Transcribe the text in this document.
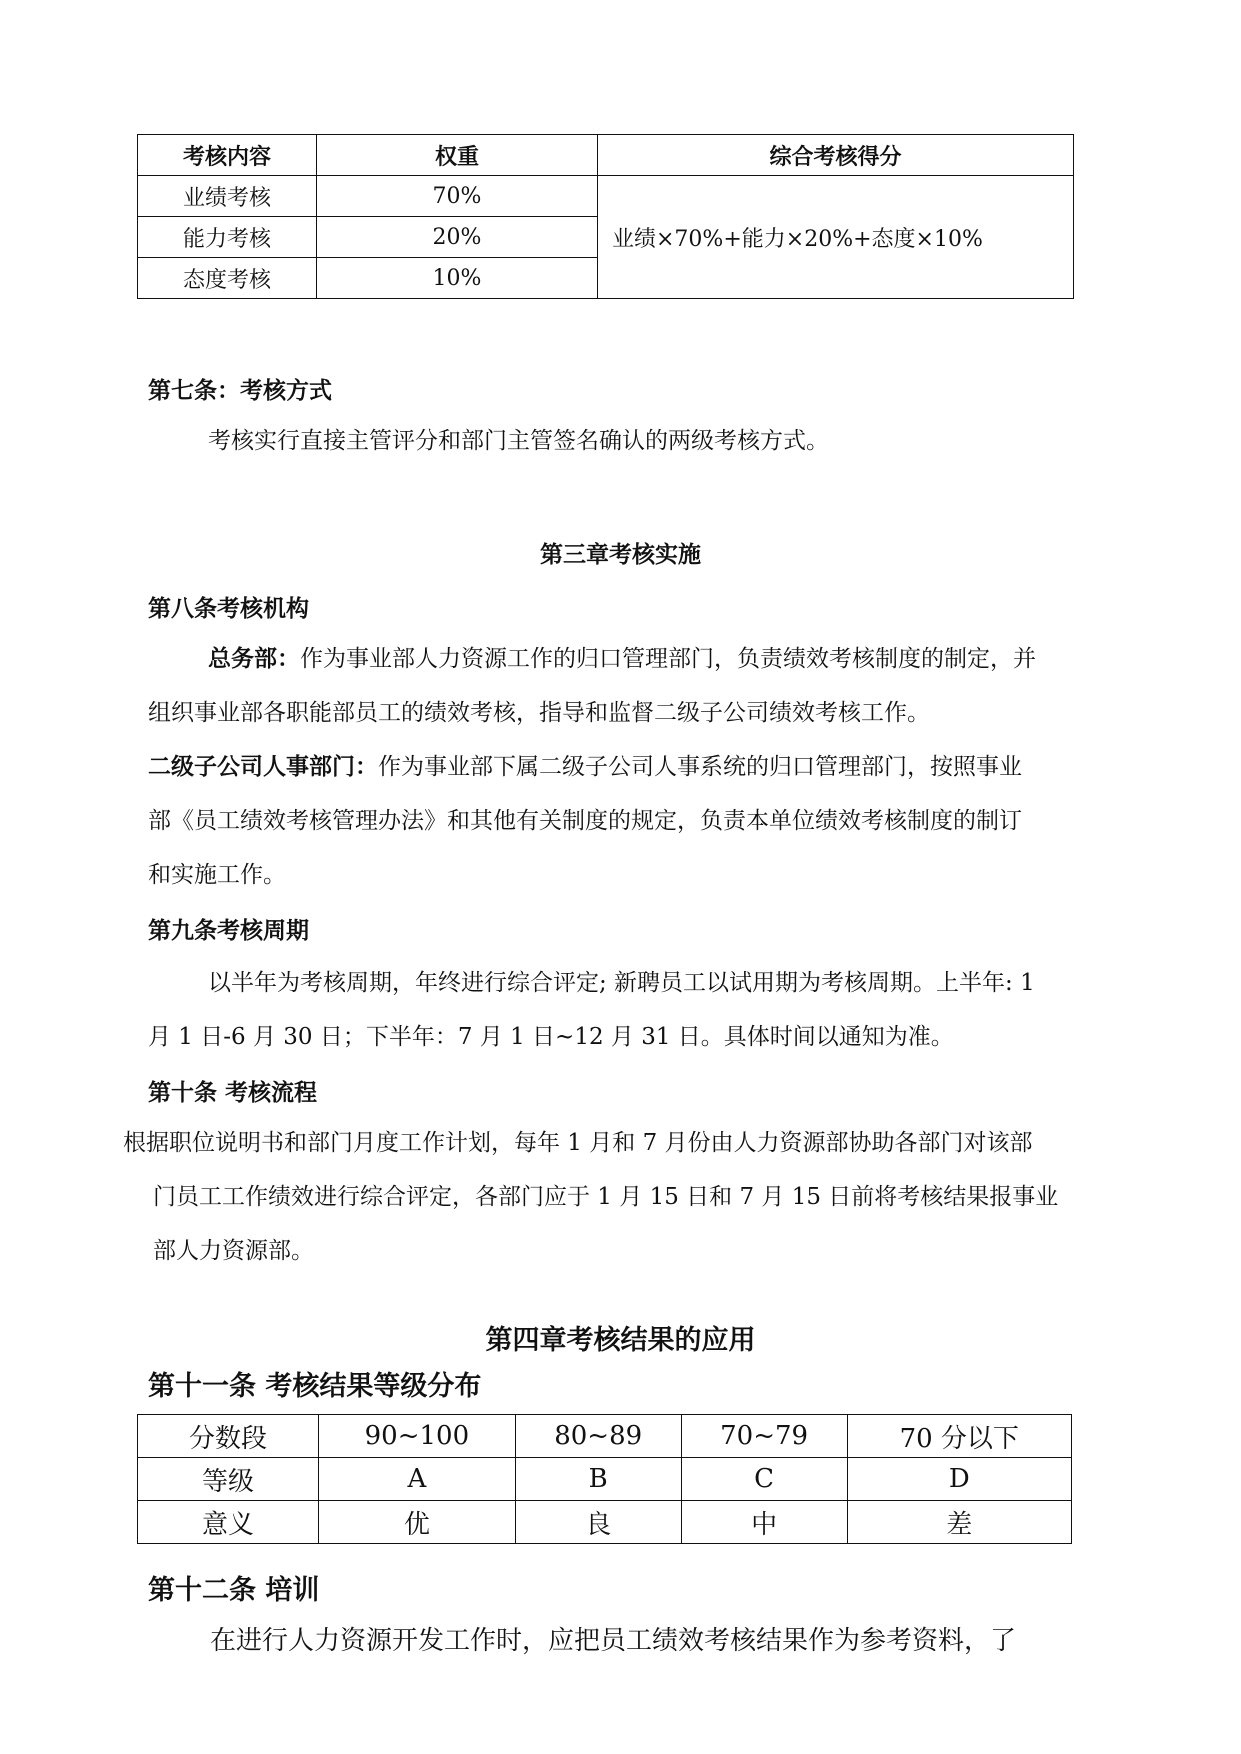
考核内容	权重	综合考核得分
业绩考核	70%	业绩×70%+能力×20%+态度×10%
能力考核	20%	
态度考核	10%	
第七条：考核方式
考核实行直接主管评分和部门主管签名确认的两级考核方式。
第三章考核实施
第八条考核机构
总务部：作为事业部人力资源工作的归口管理部门，负责绩效考核制度的制定，并
组织事业部各职能部员工的绩效考核，指导和监督二级子公司绩效考核工作。
二级子公司人事部门：作为事业部下属二级子公司人事系统的归口管理部门，按照事业
部《员工绩效考核管理办法》和其他有关制度的规定，负责本单位绩效考核制度的制订
和实施工作。
第九条考核周期
以半年为考核周期，年终进行综合评定; 新聘员工以试用期为考核周期。上半年: 1
月 1 日-6 月 30 日；下半年：7 月 1 日~12 月 31 日。具体时间以通知为准。
第十条 考核流程
根据职位说明书和部门月度工作计划，每年 1 月和 7 月份由人力资源部协助各部门对该部
门员工工作绩效进行综合评定，各部门应于 1 月 15 日和 7 月 15 日前将考核结果报事业
部人力资源部。
第四章考核结果的应用
第十一条 考核结果等级分布
分数段	90~100	80~89	70~79	70 分以下
等级	A	B	C	D
意义	优	良	中	差
第十二条 培训
在进行人力资源开发工作时，应把员工绩效考核结果作为参考资料，了
